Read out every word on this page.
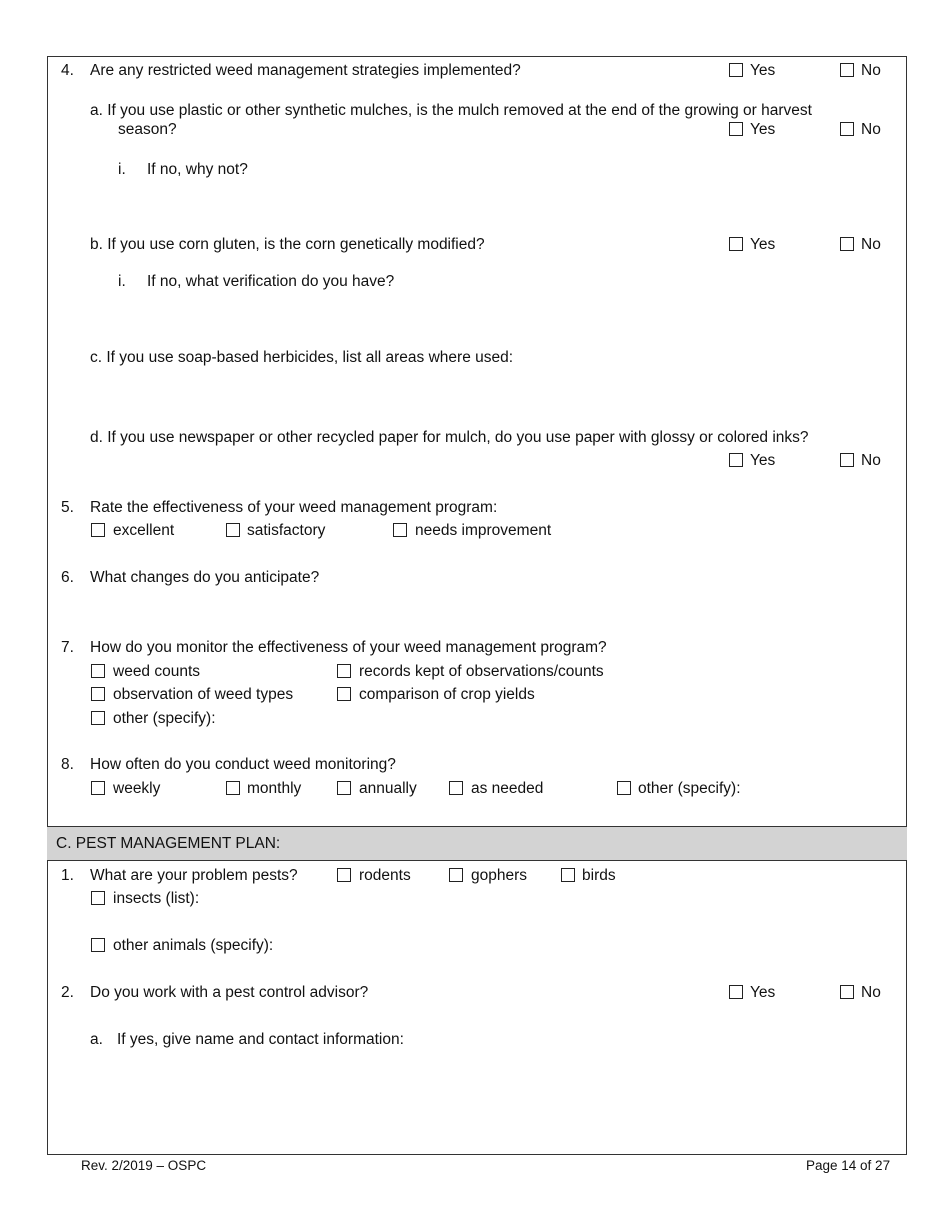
4. Are any restricted weed management strategies implemented?	Yes	No
a. If you use plastic or other synthetic mulches, is the mulch removed at the end of the growing or harvest
season?	Yes	No
i. If no, why not?
b. If you use corn gluten, is the corn genetically modified?	Yes	No
i. If no, what verification do you have?
c. If you use soap-based herbicides, list all areas where used:
d. If you use newspaper or other recycled paper for mulch, do you use paper with glossy or colored inks?
Yes	No
5. Rate the effectiveness of your weed management program:
excellent	satisfactory	needs improvement
6. What changes do you anticipate?
7. How do you monitor the effectiveness of your weed management program?
weed counts	records kept of observations/counts
observation of weed types	comparison of crop yields
other (specify):
8. How often do you conduct weed monitoring?
weekly	monthly	annually	as needed	other (specify):
C. PEST MANAGEMENT PLAN:
1. What are your problem pests?	rodents	gophers	birds
insects (list):
other animals (specify):
2. Do you work with a pest control advisor?	Yes	No
a. If yes, give name and contact information:
Rev. 2/2019 – OSPC	Page 14 of 27
